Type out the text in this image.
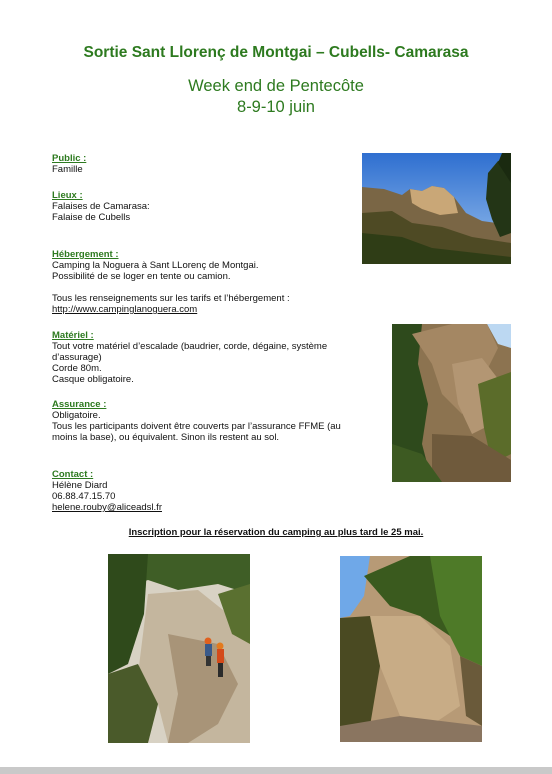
Sortie Sant Llorenç de Montgai – Cubells- Camarasa
Week end de Pentecôte
8-9-10 juin
Public :
Famille
Lieux :
Falaises de Camarasa:
Falaise de Cubells
Hébergement :
Camping la Noguera à Sant LLorenç de Montgai.
Possibilité de se loger en tente ou camion.
Tous les renseignements sur les tarifs et l’hébergement :
http://www.campinglanoguera.com
Matériel :
Tout votre matériel d’escalade (baudrier, corde, dégaine, système
d’assurage)
Corde 80m.
Casque obligatoire.
Assurance :
Obligatoire.
Tous les participants doivent être couverts par l’assurance FFME (au
moins la base), ou équivalent. Sinon ils restent au sol.
Contact :
Hélène Diard
06.88.47.15.70
helene.rouby@aliceadsl.fr
Inscription pour la réservation du camping au plus tard le 25 mai.
